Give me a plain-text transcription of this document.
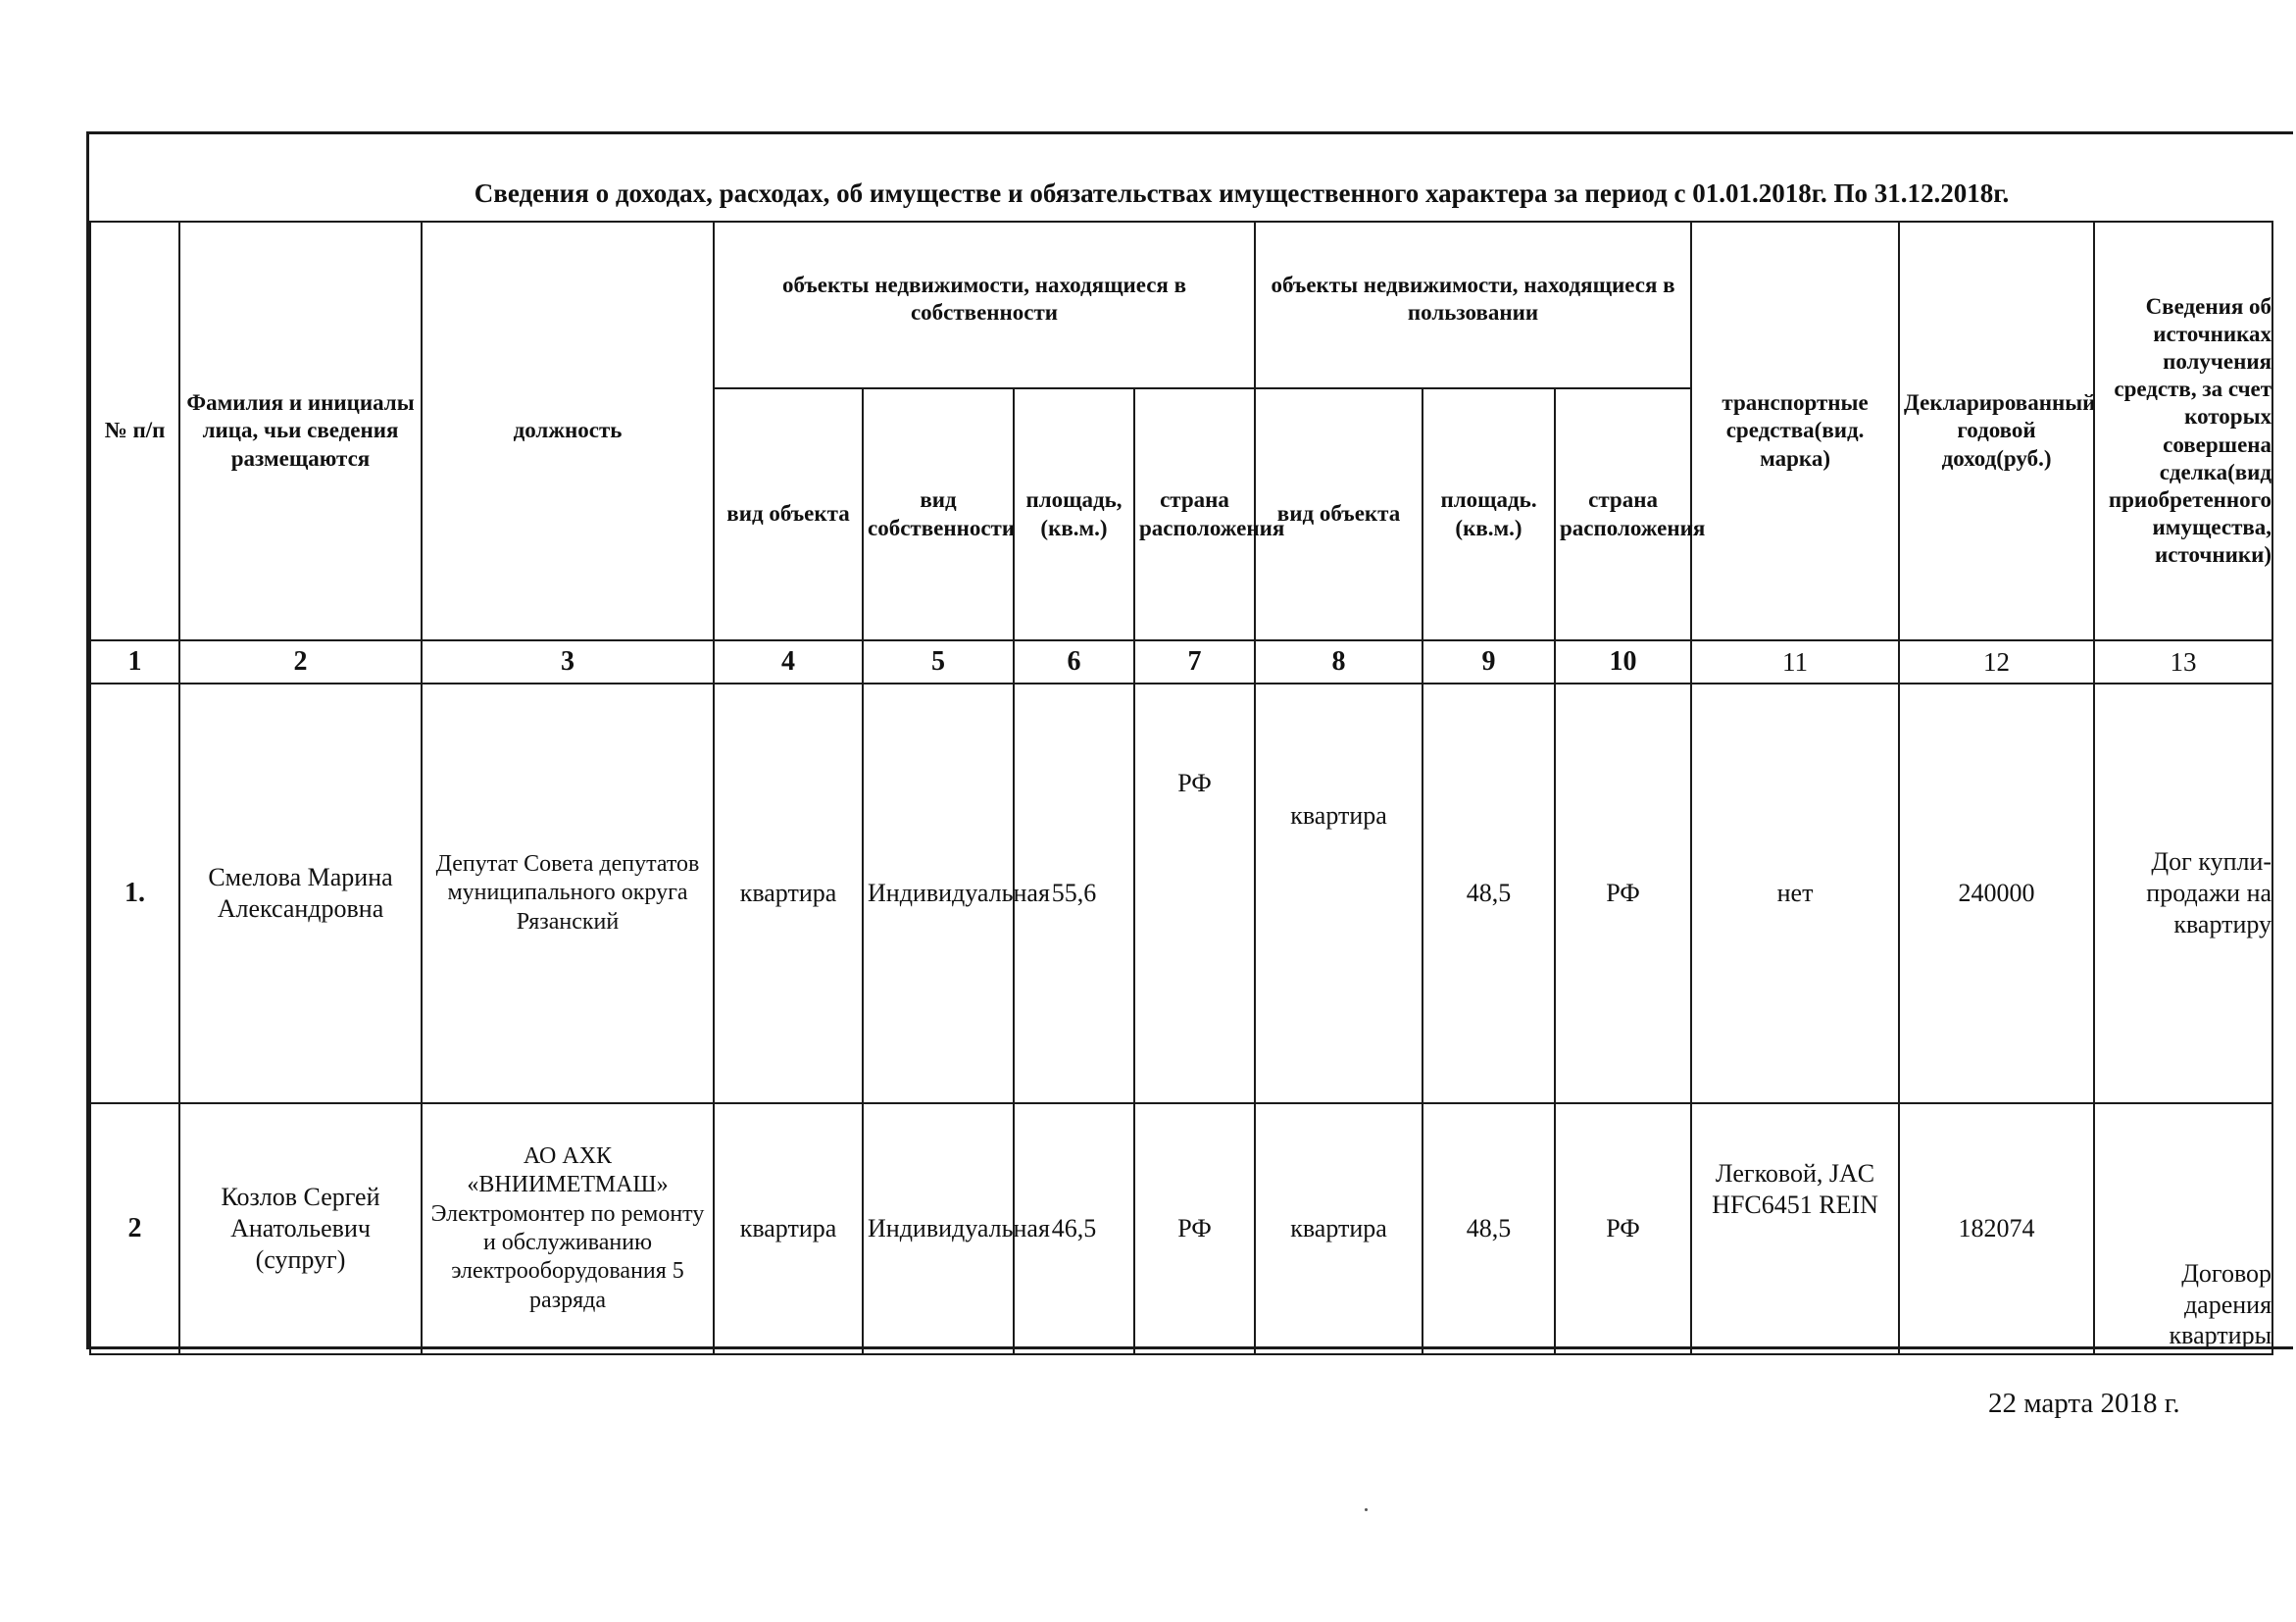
Сведения о доходах, расходах, об имуществе и обязательствах имущественного характера за период с 01.01.2018г. По 31.12.2018г.
№ п/п	Фамилия и инициалы лица, чьи сведения размещаются	должность	объекты недвижимости, находящиеся в собственности				объекты недвижимости, находящиеся в пользовании			транспортные средства(вид. марка)	Декларированный годовой доход(руб.)	Сведения об источниках получения средств, за счет которых совершена сделка(вид приобретенного имущества, источники)
			вид объекта	вид собственности	площадь, (кв.м.)	страна расположения	вид объекта	площадь. (кв.м.)	страна расположения			
1	2	3	4	5	6	7	8	9	10	11	12	13
1.	Смелова Марина Александровна	Депутат Совета депутатов муниципального округа Рязанский	квартира	Индивидуальная	55,6	РФ	квартира	48,5	РФ	нет	240000	Дог купли-продажи на квартиру
2	Козлов Сергей Анатольевич (супруг)	АО АХК «ВНИИМЕТМАШ» Электромонтер по ремонту и обслуживанию электрооборудования 5 разряда	квартира	Индивидуальная	46,5	РФ	квартира	48,5	РФ	Легковой, JAC HFC6451 REIN	182074	Договор дарения квартиры
22 марта 2018 г.
